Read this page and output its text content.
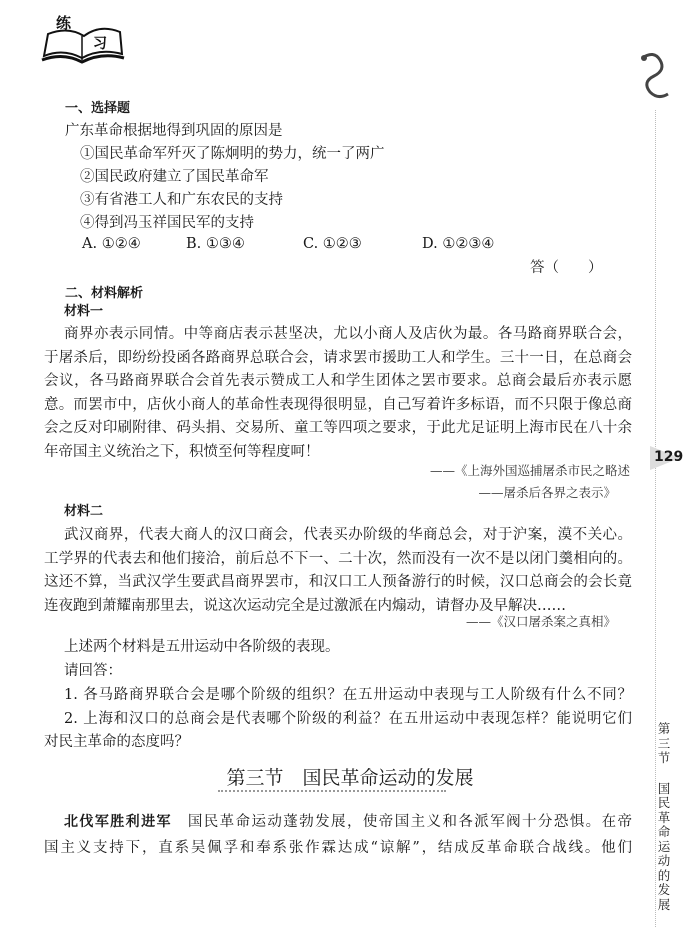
练
习
129
第
三
节
国
民
革
命
运
动
的
发
展
一、选择题
广东革命根据地得到巩固的原因是
①国民革命军歼灭了陈炯明的势力，统一了两广
②国民政府建立了国民革命军
③有省港工人和广东农民的支持
④得到冯玉祥国民军的支持
A. ①②④	B. ①③④	C. ①②③	D. ①②③④
答（　　）
二、材料解析
材料一
商界亦表示同情。中等商店表示甚坚决，尤以小商人及店伙为最。各马路商界联合会，
于屠杀后，即纷纷投函各路商界总联合会，请求罢市援助工人和学生。三十一日，在总商会
会议，各马路商界联合会首先表示赞成工人和学生团体之罢市要求。总商会最后亦表示愿
意。而罢市中，店伙小商人的革命性表现得很明显，自己写着许多标语，而不只限于像总商
会之反对印刷附律、码头捐、交易所、童工等四项之要求，于此尤足证明上海市民在八十余
年帝国主义统治之下，积愤至何等程度呵！
——《上海外国巡捕屠杀市民之略述
——屠杀后各界之表示》
材料二
武汉商界，代表大商人的汉口商会，代表买办阶级的华商总会，对于沪案，漠不关心。
工学界的代表去和他们接洽，前后总不下一、二十次，然而没有一次不是以闭门羹相向的。
这还不算，当武汉学生要武昌商界罢市，和汉口工人预备游行的时候，汉口总商会的会长竟
连夜跑到萧耀南那里去，说这次运动完全是过激派在内煽动，请督办及早解决……
——《汉口屠杀案之真相》
上述两个材料是五卅运动中各阶级的表现。
请回答：
1. 各马路商界联合会是哪个阶级的组织？在五卅运动中表现与工人阶级有什么不同？
2. 上海和汉口的总商会是代表哪个阶级的利益？在五卅运动中表现怎样？能说明它们
对民主革命的态度吗？
第三节　国民革命运动的发展
北伐军胜利进军　国民革命运动蓬勃发展，使帝国主义和各派军阀十分恐惧。在帝
国主义支持下，直系吴佩孚和奉系张作霖达成“谅解”，结成反革命联合战线。他们
